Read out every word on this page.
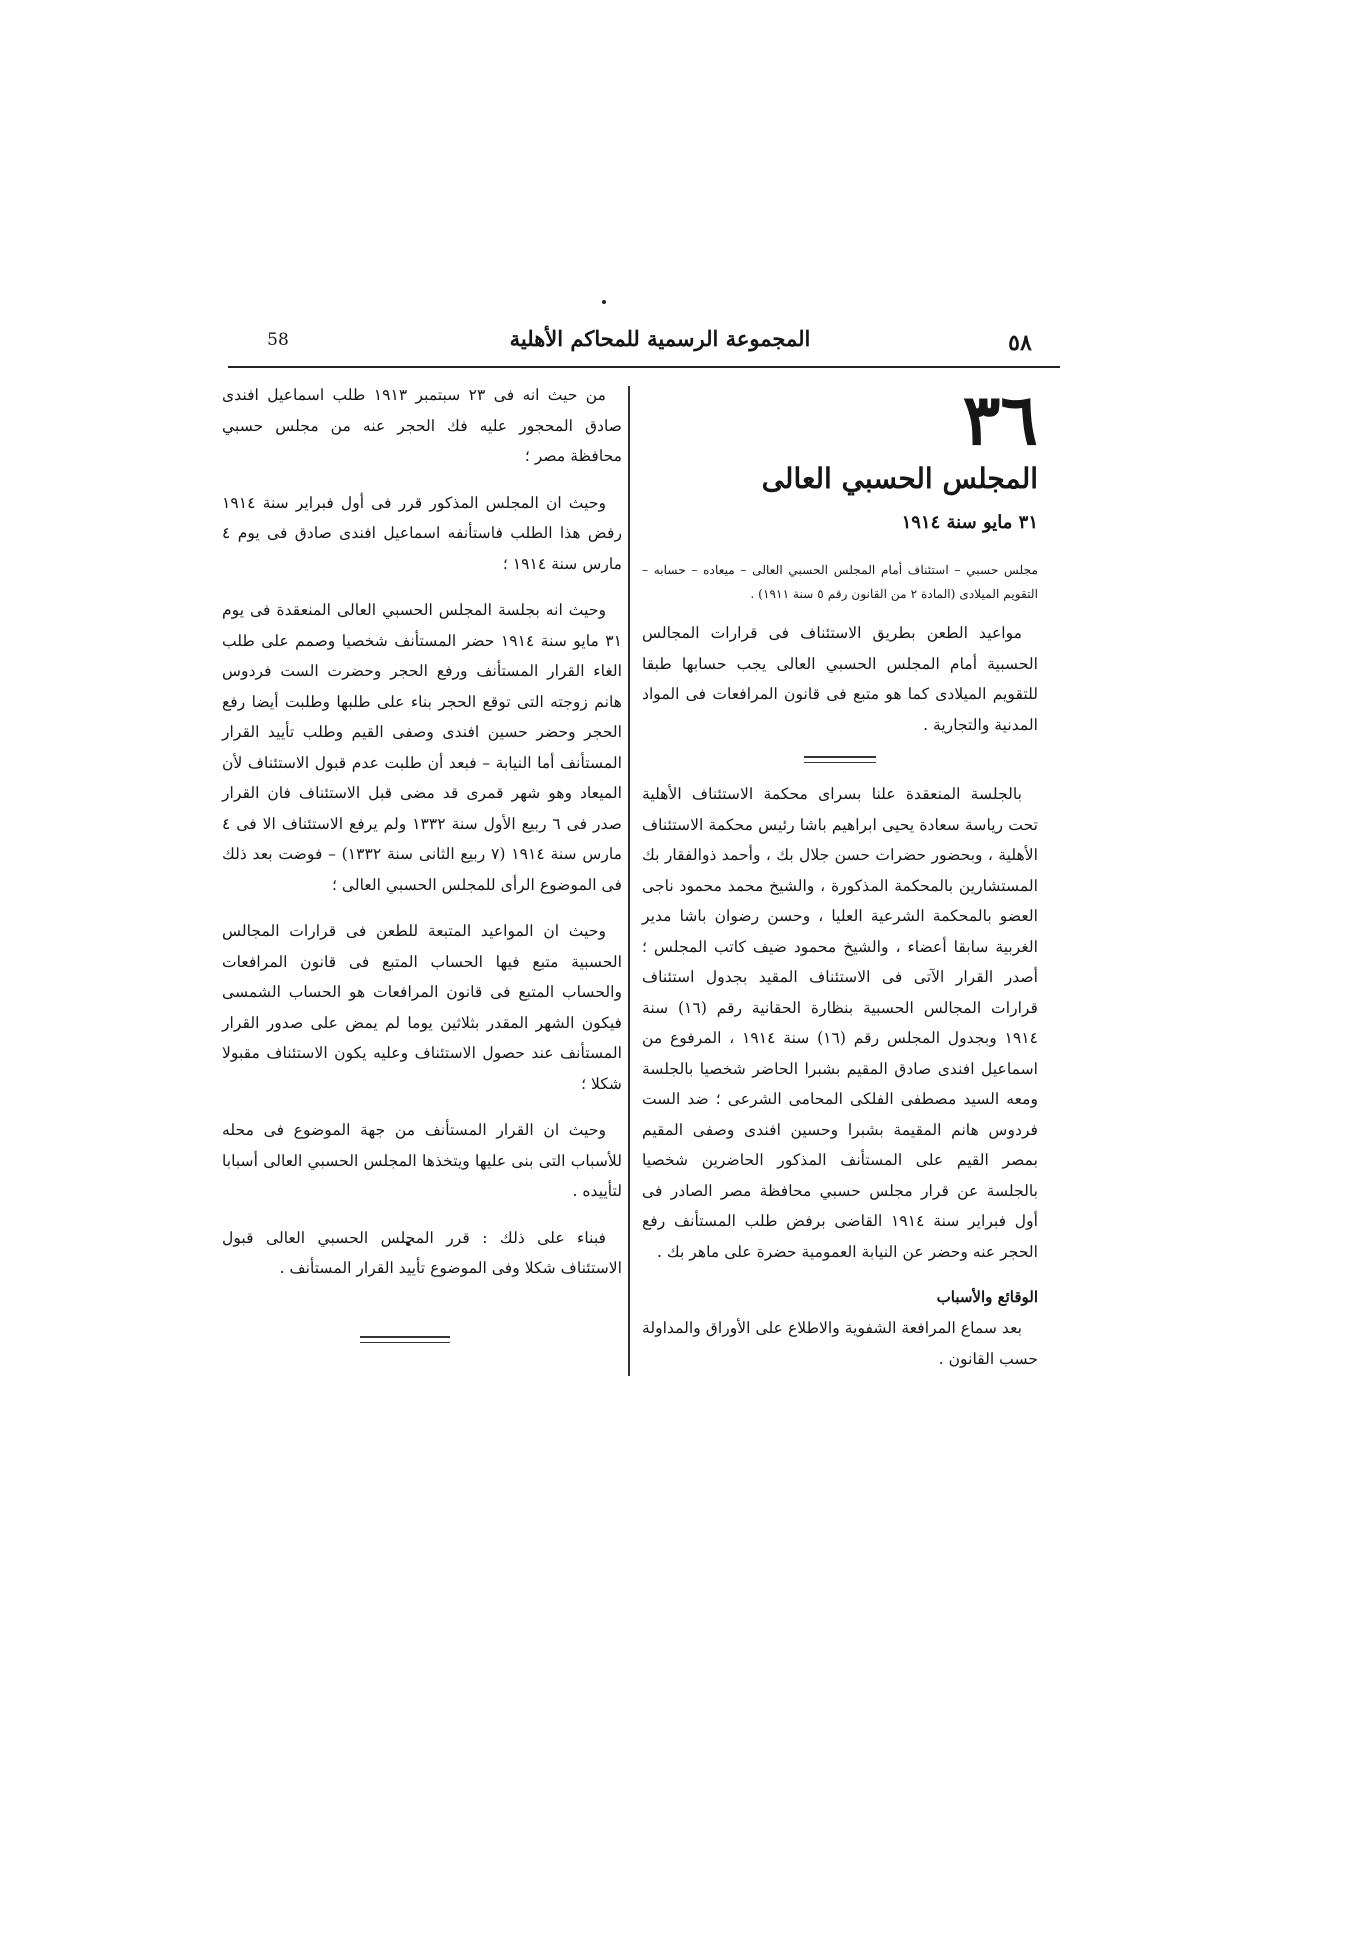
٥٨
المجموعة الرسمية للمحاكم الأهلية
58
٣٦
المجلس الحسبي العالى
٣١ مايو سنة ١٩١٤
مجلس حسبي – استئناف أمام المجلس الحسبي العالى – ميعاده – حسابه – التقويم الميلادى (المادة ٢ من القانون رقم ٥ سنة ١٩١١) .

مواعيد الطعن بطريق الاستئناف فى قرارات المجالس الحسبية أمام المجلس الحسبي العالى يجب حسابها طبقا للتقويم الميلادى كما هو متبع فى قانون المرافعات فى المواد المدنية والتجارية .

بالجلسة المنعقدة علنا بسراى محكمة الاستئناف الأهلية تحت رياسة سعادة يحيى ابراهيم باشا رئيس محكمة الاستئناف الأهلية ، وبحضور حضرات حسن جلال بك ، وأحمد ذوالفقار بك المستشارين بالمحكمة المذكورة ، والشيخ محمد محمود ناجى العضو بالمحكمة الشرعية العليا ، وحسن رضوان باشا مدير الغربية سابقا أعضاء ، والشيخ محمود ضيف كاتب المجلس ؛ أصدر القرار الآتى فى الاستئناف المقيد بجدول استئناف قرارات المجالس الحسبية بنظارة الحقانية رقم (١٦) سنة ١٩١٤ وبجدول المجلس رقم (١٦) سنة ١٩١٤ ، المرفوع من اسماعيل افندى صادق المقيم بشبرا الحاضر شخصيا بالجلسة ومعه السيد مصطفى الفلكى المحامى الشرعى ؛ ضد الست فردوس هانم المقيمة بشبرا وحسين افندى وصفى المقيم بمصر القيم على المستأنف المذكور الحاضرين شخصيا بالجلسة عن قرار مجلس حسبي محافظة مصر الصادر فى أول فبراير سنة ١٩١٤ القاضى برفض طلب المستأنف رفع الحجر عنه وحضر عن النيابة العمومية حضرة على ماهر بك .

الوقائع والأسباب

بعد سماع المرافعة الشفوية والاطلاع على الأوراق والمداولة حسب القانون .

من حيث انه فى ٢٣ سبتمبر ١٩١٣ طلب اسماعيل افندى صادق المحجور عليه فك الحجر عنه من مجلس حسبي محافظة مصر ؛

وحيث ان المجلس المذكور قرر فى أول فبراير سنة ١٩١٤ رفض هذا الطلب فاستأنفه اسماعيل افندى صادق فى يوم ٤ مارس سنة ١٩١٤ ؛

وحيث انه بجلسة المجلس الحسبي العالى المنعقدة فى يوم ٣١ مايو سنة ١٩١٤ حضر المستأنف شخصيا وصمم على طلب الغاء القرار المستأنف ورفع الحجر وحضرت الست فردوس هانم زوجته التى توقع الحجر بناء على طلبها وطلبت أيضا رفع الحجر وحضر حسين افندى وصفى القيم وطلب تأييد القرار المستأنف أما النيابة – فبعد أن طلبت عدم قبول الاستئناف لأن الميعاد وهو شهر قمرى قد مضى قبل الاستئناف فان القرار صدر فى ٦ ربيع الأول سنة ١٣٣٢ ولم يرفع الاستئناف الا فى ٤ مارس سنة ١٩١٤ (٧ ربيع الثانى سنة ١٣٣٢) – فوضت بعد ذلك فى الموضوع الرأى للمجلس الحسبي العالى ؛

وحيث ان المواعيد المتبعة للطعن فى قرارات المجالس الحسبية متبع فيها الحساب المتبع فى قانون المرافعات والحساب المتبع فى قانون المرافعات هو الحساب الشمسى فيكون الشهر المقدر بثلاثين يوما لم يمض على صدور القرار المستأنف عند حصول الاستئناف وعليه يكون الاستئناف مقبولا شكلا ؛

وحيث ان القرار المستأنف من جهة الموضوع فى محله للأسباب التى بنى عليها ويتخذها المجلس الحسبي العالى أسبابا لتأييده .

فبناء على ذلك : قرر المجلس الحسبي العالى قبول الاستئناف شكلا وفى الموضوع تأييد القرار المستأنف .
